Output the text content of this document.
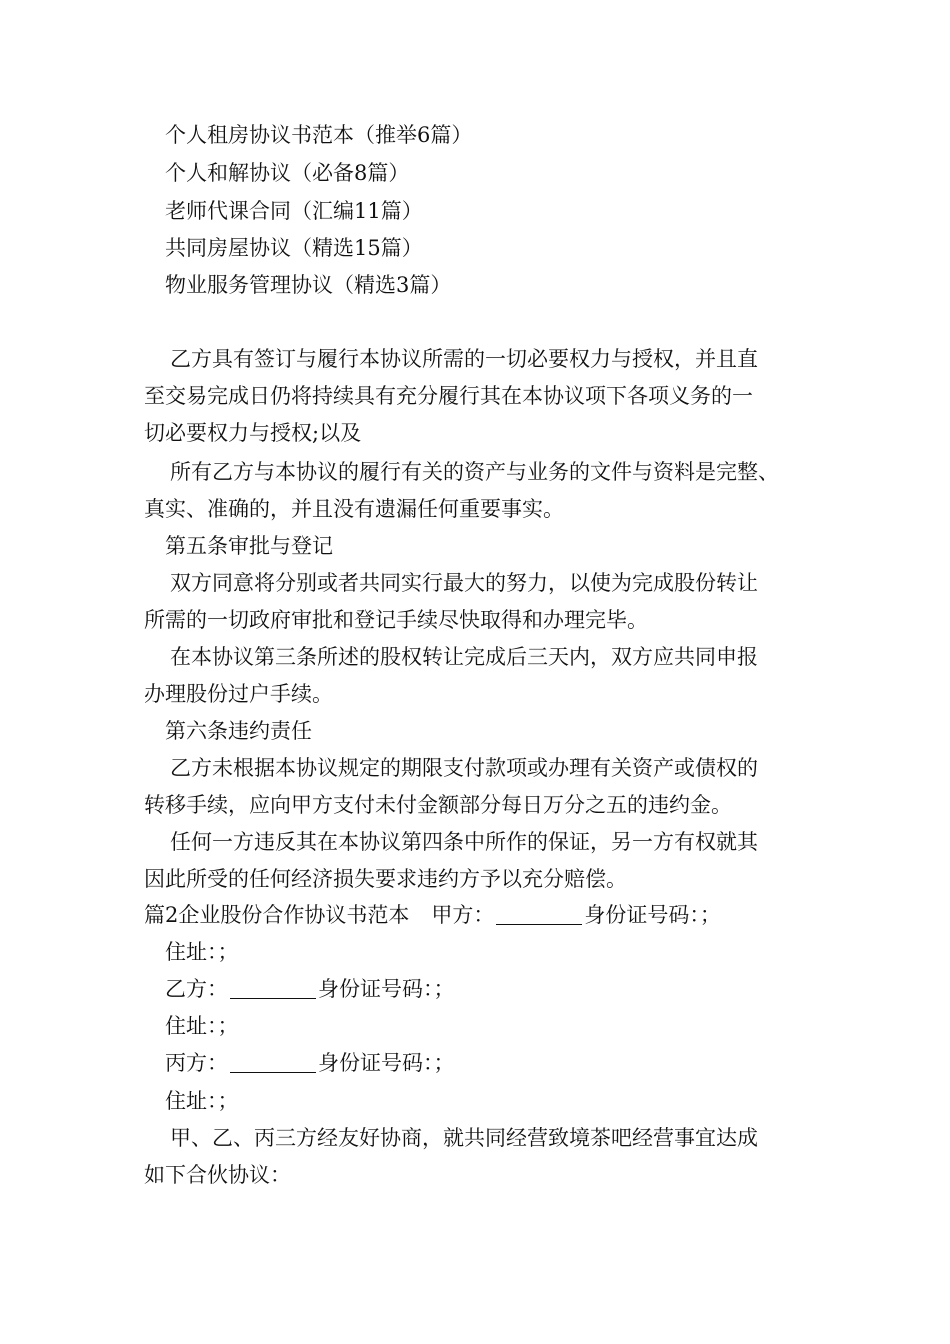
个人租房协议书范本（推举6篇）
个人和解协议（必备8篇）
老师代课合同（汇编11篇）
共同房屋协议（精选15篇）
物业服务管理协议（精选3篇）
乙方具有签订与履行本协议所需的一切必要权力与授权，并且直
至交易完成日仍将持续具有充分履行其在本协议项下各项义务的一
切必要权力与授权;以及
所有乙方与本协议的履行有关的资产与业务的文件与资料是完整、
真实、准确的，并且没有遗漏任何重要事实。
第五条审批与登记
双方同意将分别或者共同实行最大的努力，以使为完成股份转让
所需的一切政府审批和登记手续尽快取得和办理完毕。
在本协议第三条所述的股权转让完成后三天内，双方应共同申报
办理股份过户手续。
第六条违约责任
乙方未根据本协议规定的期限支付款项或办理有关资产或债权的
转移手续，应向甲方支付未付金额部分每日万分之五的违约金。
任何一方违反其在本协议第四条中所作的保证，另一方有权就其
因此所受的任何经济损失要求违约方予以充分赔偿。
篇2企业股份合作协议书范本 甲方：	身份证号码：；
住址：；
乙方：	身份证号码：；
住址：；
丙方：	身份证号码：；
住址：；
甲、乙、丙三方经友好协商，就共同经营致境茶吧经营事宜达成
如下合伙协议：
